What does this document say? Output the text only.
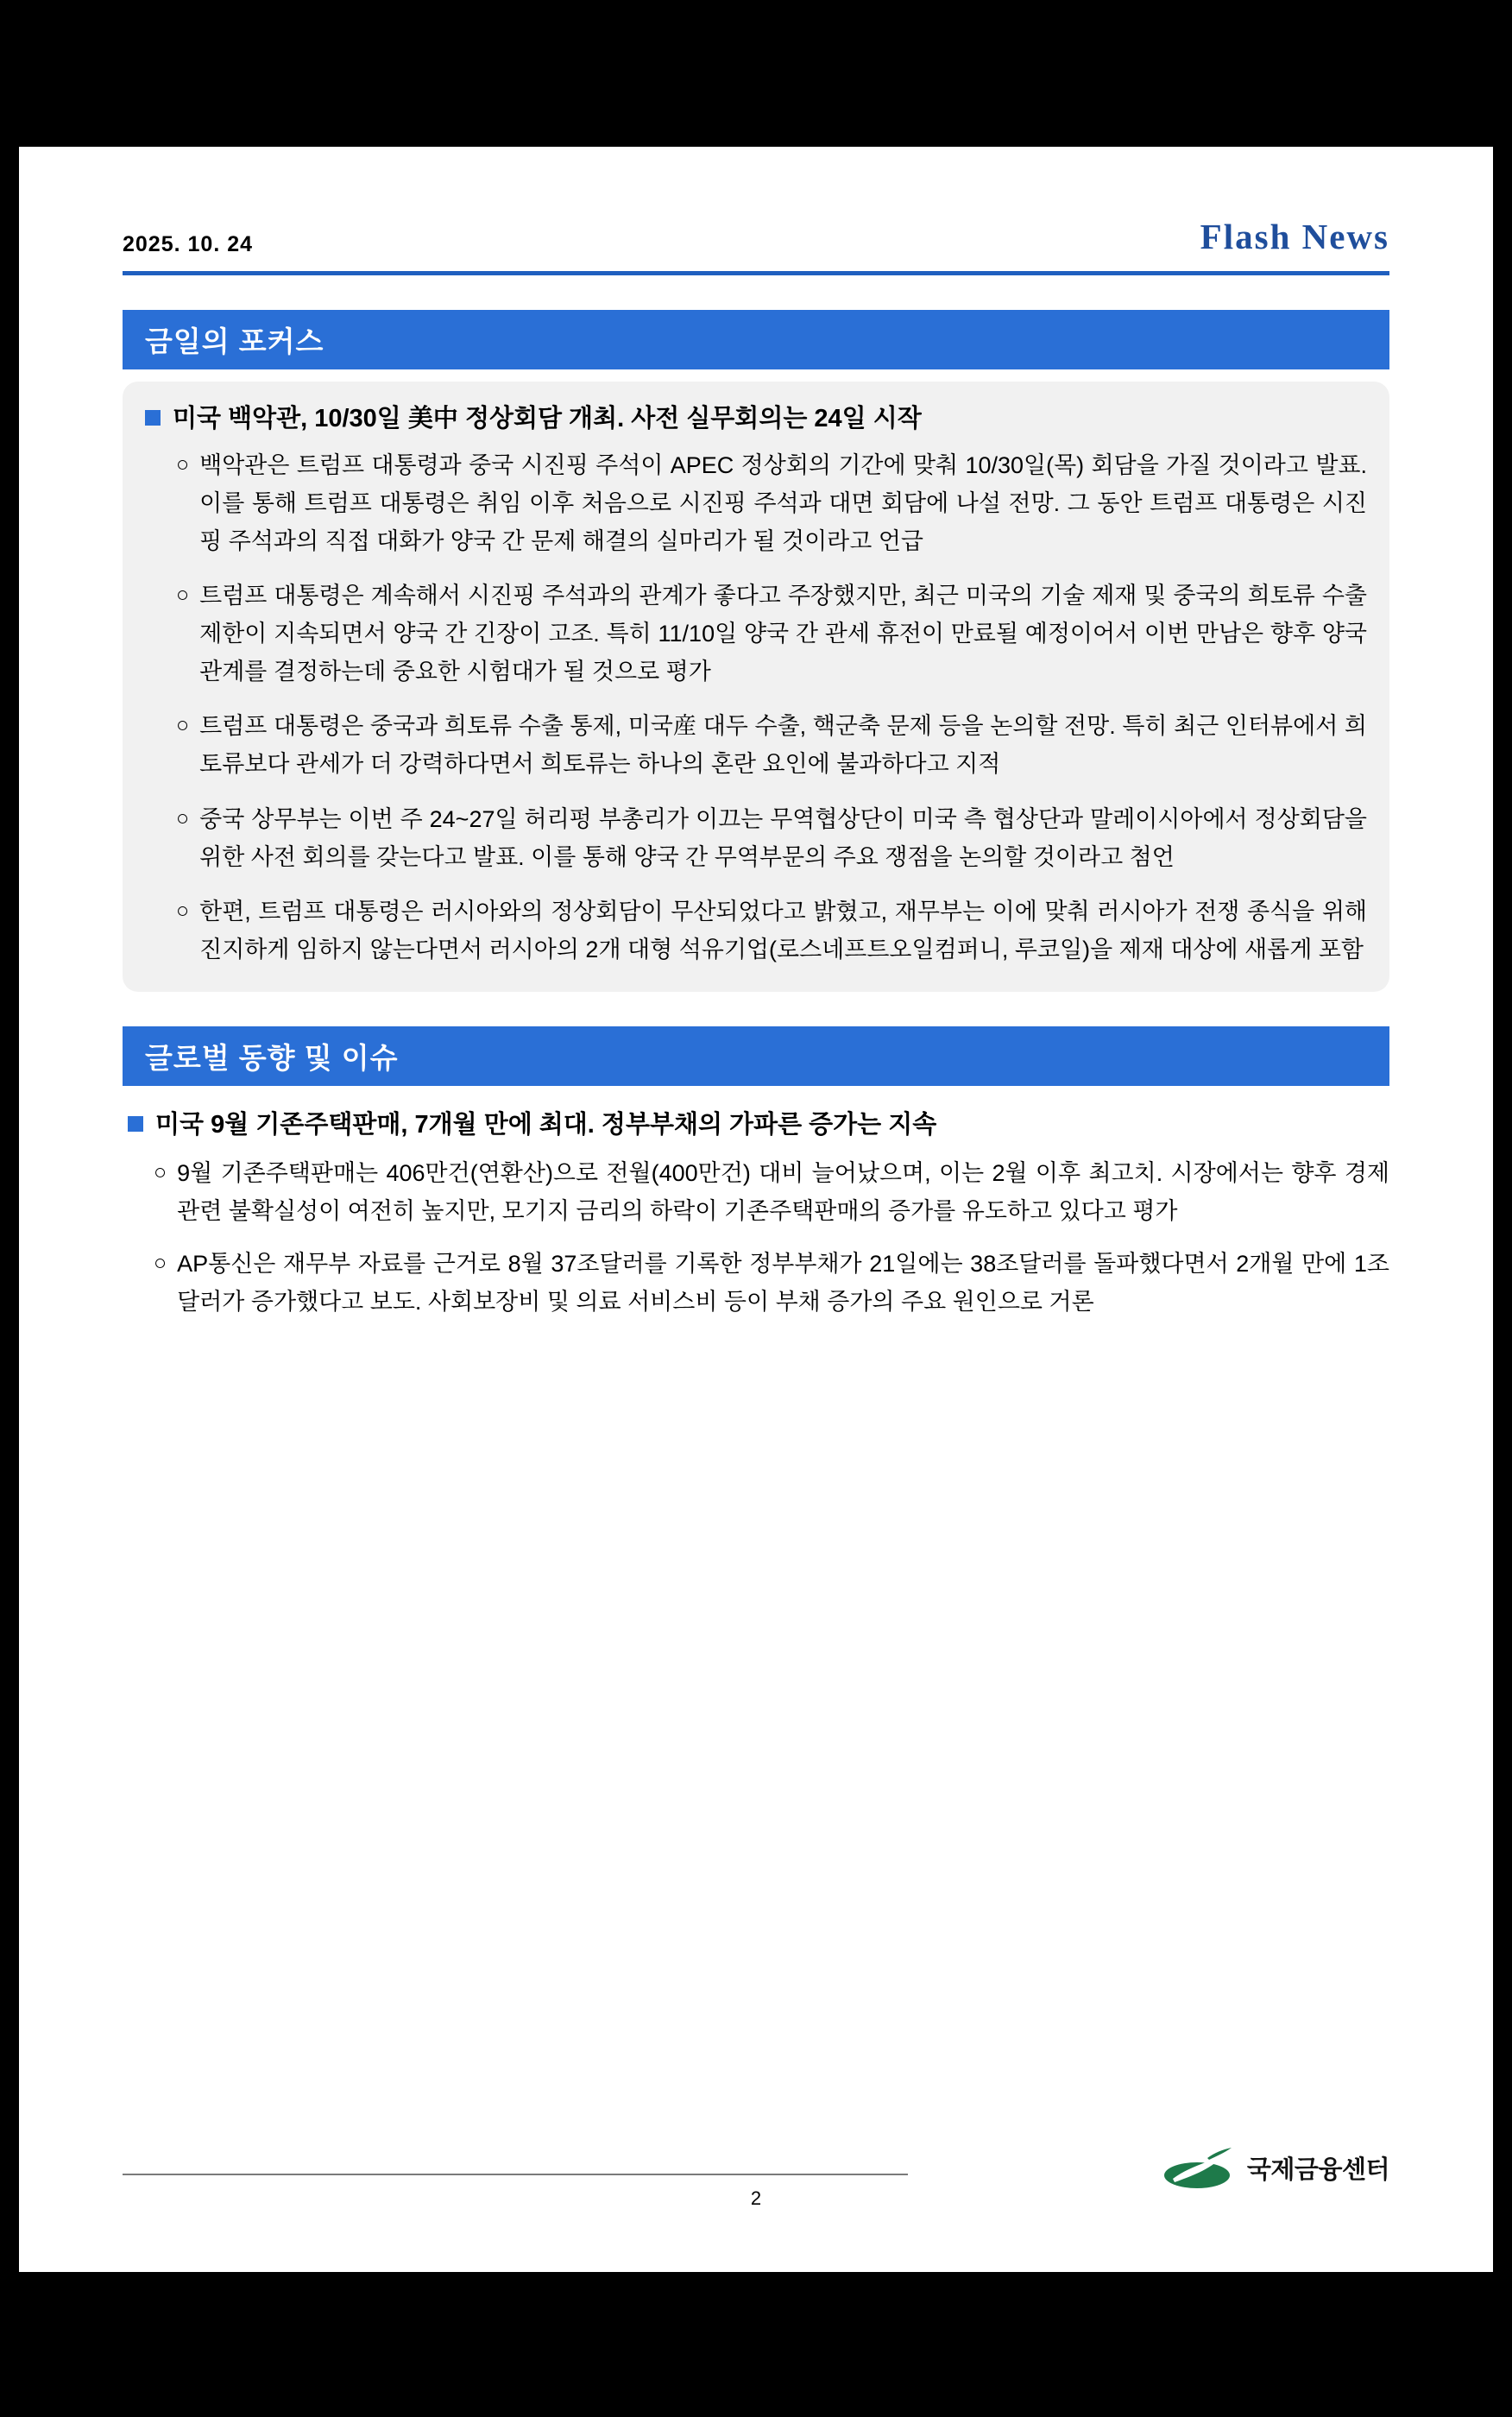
2025. 10. 24	Flash News
금일의 포커스
미국 백악관, 10/30일 美中 정상회담 개최. 사전 실무회의는 24일 시작
○ 백악관은 트럼프 대통령과 중국 시진핑 주석이 APEC 정상회의 기간에 맞춰 10/30일(목) 회담을 가질 것이라고 발표. 이를 통해 트럼프 대통령은 취임 이후 처음으로 시진핑 주석과 대면 회담에 나설 전망. 그 동안 트럼프 대통령은 시진핑 주석과의 직접 대화가 양국 간 문제 해결의 실마리가 될 것이라고 언급
○ 트럼프 대통령은 계속해서 시진핑 주석과의 관계가 좋다고 주장했지만, 최근 미국의 기술 제재 및 중국의 희토류 수출 제한이 지속되면서 양국 간 긴장이 고조. 특히 11/10일 양국 간 관세 휴전이 만료될 예정이어서 이번 만남은 향후 양국 관계를 결정하는데 중요한 시험대가 될 것으로 평가
○ 트럼프 대통령은 중국과 희토류 수출 통제, 미국産 대두 수출, 핵군축 문제 등을 논의할 전망. 특히 최근 인터뷰에서 희토류보다 관세가 더 강력하다면서 희토류는 하나의 혼란 요인에 불과하다고 지적
○ 중국 상무부는 이번 주 24~27일 허리펑 부총리가 이끄는 무역협상단이 미국 측 협상단과 말레이시아에서 정상회담을 위한 사전 회의를 갖는다고 발표. 이를 통해 양국 간 무역부문의 주요 쟁점을 논의할 것이라고 첨언
○ 한편, 트럼프 대통령은 러시아와의 정상회담이 무산되었다고 밝혔고, 재무부는 이에 맞춰 러시아가 전쟁 종식을 위해 진지하게 임하지 않는다면서 러시아의 2개 대형 석유기업(로스네프트오일컴퍼니, 루코일)을 제재 대상에 새롭게 포함
글로벌 동향 및 이슈
미국 9월 기존주택판매, 7개월 만에 최대. 정부부채의 가파른 증가는 지속
○ 9월 기존주택판매는 406만건(연환산)으로 전월(400만건) 대비 늘어났으며, 이는 2월 이후 최고치. 시장에서는 향후 경제 관련 불확실성이 여전히 높지만, 모기지 금리의 하락이 기존주택판매의 증가를 유도하고 있다고 평가
○ AP통신은 재무부 자료를 근거로 8월 37조달러를 기록한 정부부채가 21일에는 38조달러를 돌파했다면서 2개월 만에 1조 달러가 증가했다고 보도. 사회보장비 및 의료 서비스비 등이 부채 증가의 주요 원인으로 거론
2
국제금융센터
